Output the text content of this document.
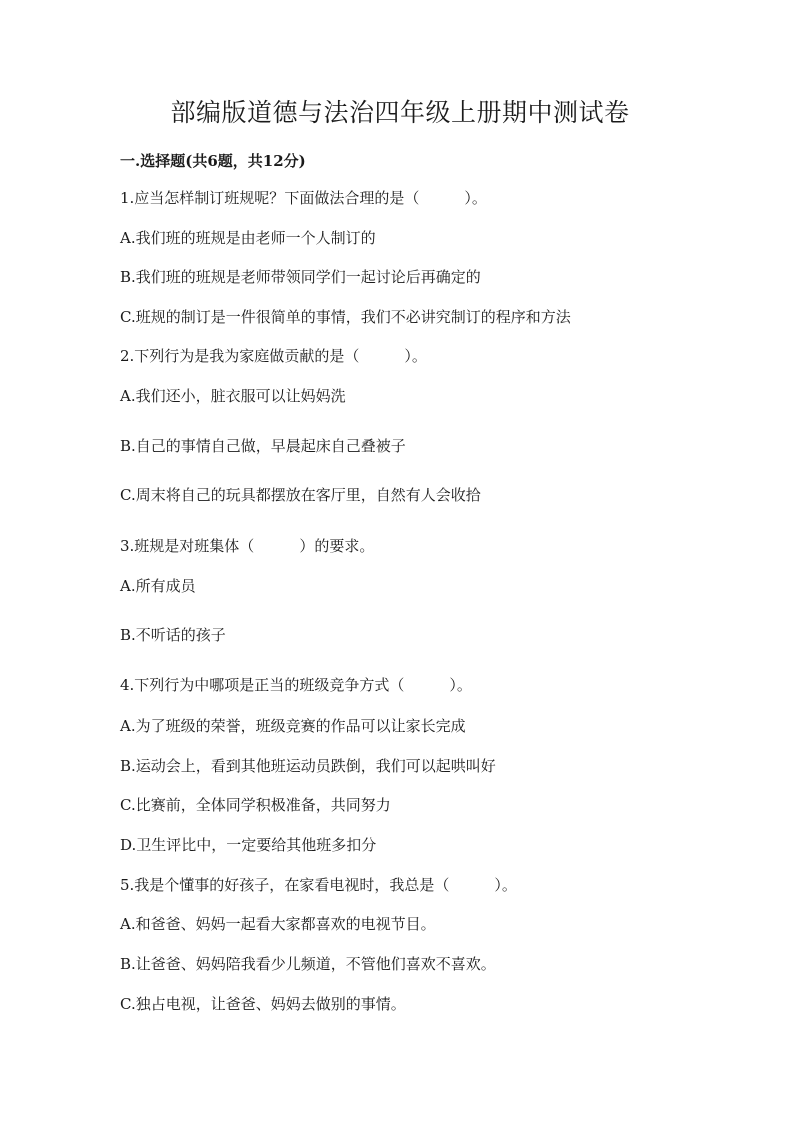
部编版道德与法治四年级上册期中测试卷
一.选择题(共6题，共12分)
1.应当怎样制订班规呢？下面做法合理的是（　　　）。
A.我们班的班规是由老师一个人制订的
B.我们班的班规是老师带领同学们一起讨论后再确定的
C.班规的制订是一件很简单的事情，我们不必讲究制订的程序和方法
2.下列行为是我为家庭做贡献的是（　　　）。
A.我们还小，脏衣服可以让妈妈洗
B.自己的事情自己做，早晨起床自己叠被子
C.周末将自己的玩具都摆放在客厅里，自然有人会收拾
3.班规是对班集体（　　　）的要求。
A.所有成员
B.不听话的孩子
4.下列行为中哪项是正当的班级竞争方式（　　　）。
A.为了班级的荣誉，班级竞赛的作品可以让家长完成
B.运动会上，看到其他班运动员跌倒，我们可以起哄叫好
C.比赛前，全体同学积极准备，共同努力
D.卫生评比中，一定要给其他班多扣分
5.我是个懂事的好孩子，在家看电视时，我总是（　　　）。
A.和爸爸、妈妈一起看大家都喜欢的电视节目。
B.让爸爸、妈妈陪我看少儿频道，不管他们喜欢不喜欢。
C.独占电视，让爸爸、妈妈去做别的事情。
